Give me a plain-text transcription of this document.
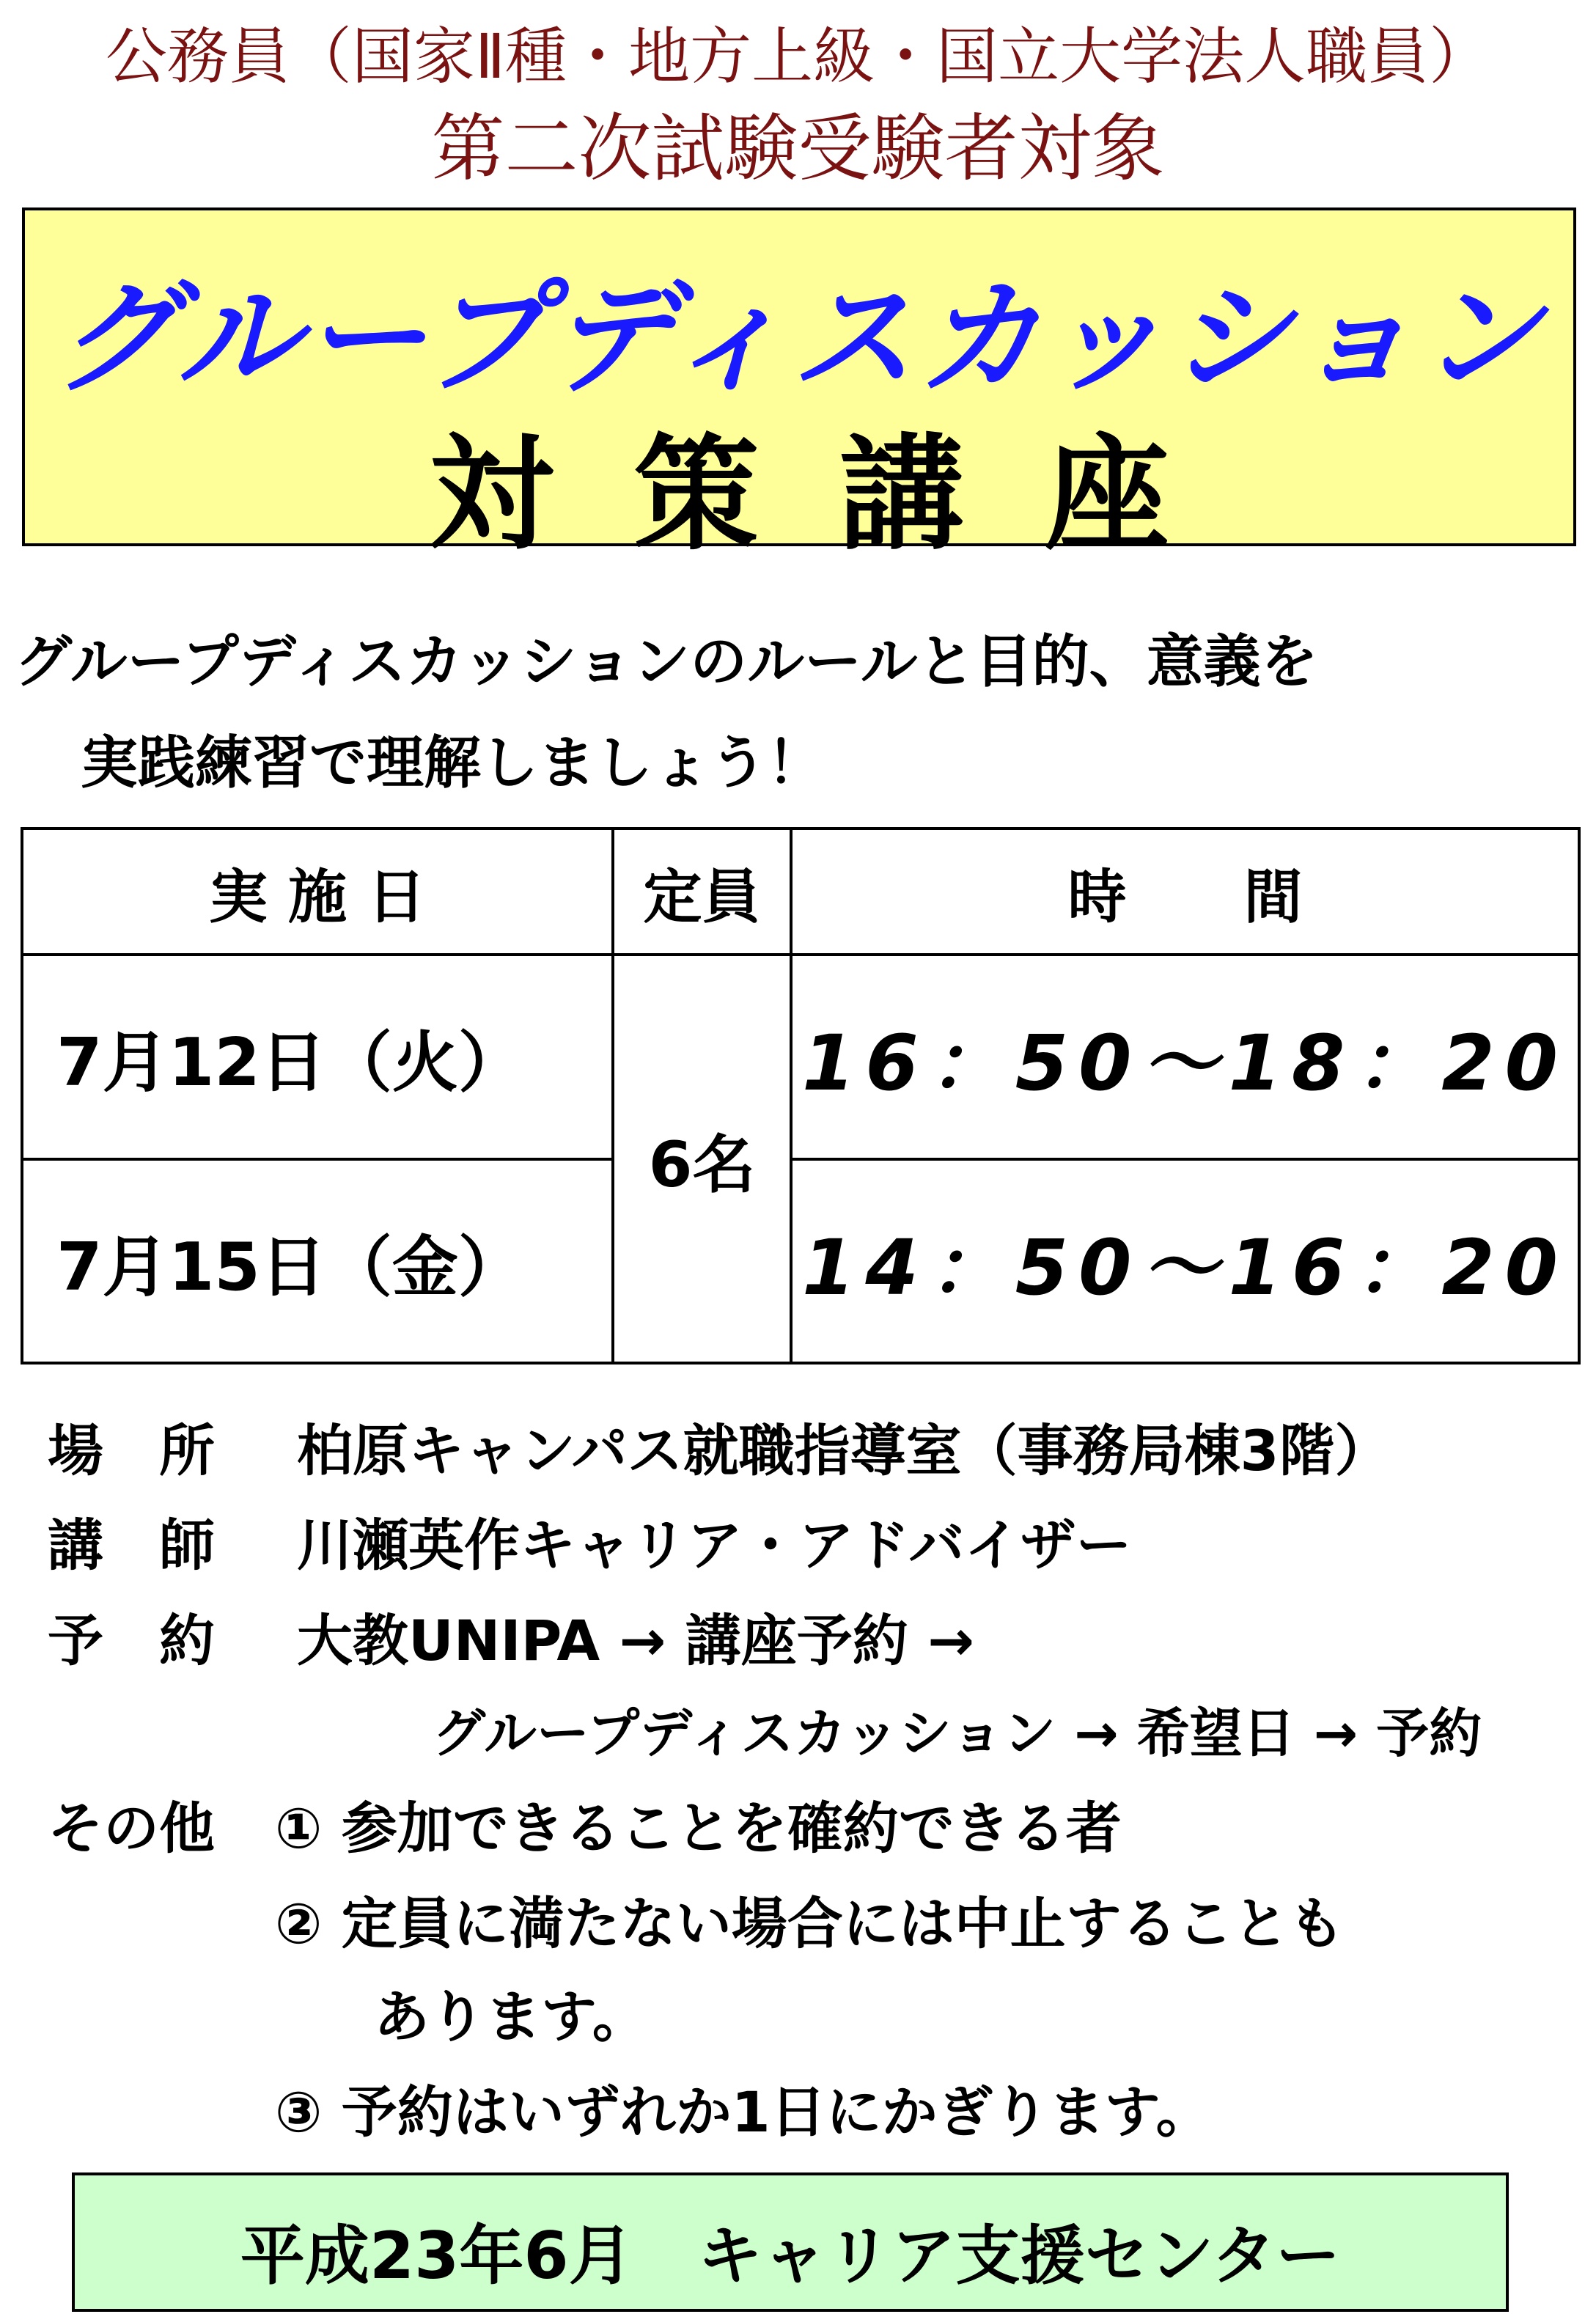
公務員（国家Ⅱ種・地方上級・国立大学法人職員）
第二次試験受験者対象
グループディスカッション
対策講座
グループディスカッションのルールと目的、意義を
実践練習で理解しましょう！
実 施 日	定員	時　　間
7月12日（火）	6名	16：50～18：20
7月15日（金）		14：50～16：20
場　所 柏原キャンパス就職指導室（事務局棟3階）
講　師 川瀬英作キャリア・アドバイザー
予　約 大教UNIPA → 講座予約 →
グループディスカッション → 希望日 → 予約
その他 ① 参加できることを確約できる者
② 定員に満たない場合には中止することも
あります。
③ 予約はいずれか1日にかぎります。
平成23年6月　キャリア支援センター
